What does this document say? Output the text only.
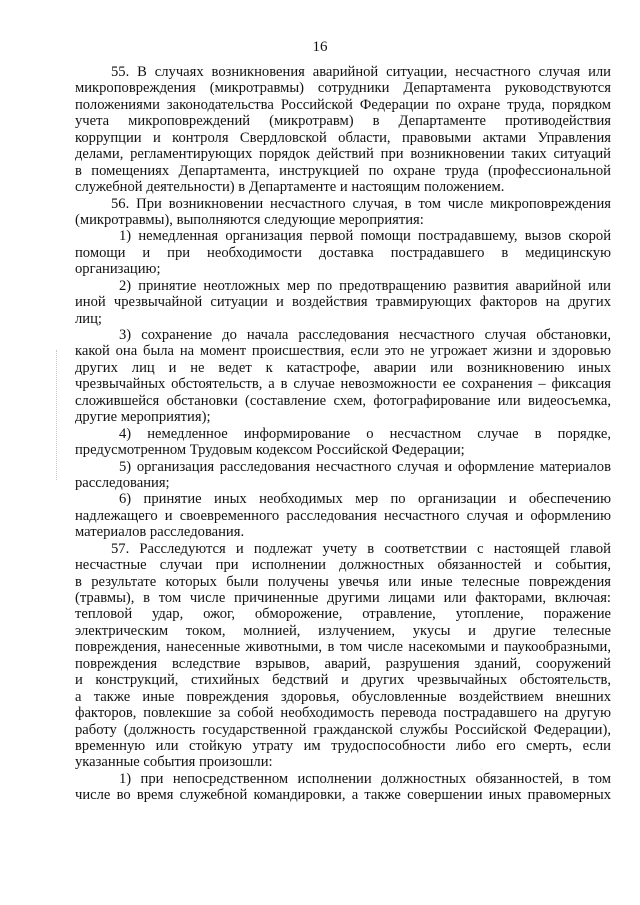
16
55. В случаях возникновения аварийной ситуации, несчастного случая или
микроповреждения (микротравмы) сотрудники Департамента руководствуются
положениями законодательства Российской Федерации по охране труда, порядком
учета микроповреждений (микротравм) в Департаменте противодействия
коррупции и контроля Свердловской области, правовыми актами Управления
делами, регламентирующих порядок действий при возникновении таких ситуаций
в помещениях Департамента, инструкцией по охране труда (профессиональной
служебной деятельности) в Департаменте и настоящим положением.
56. При возникновении несчастного случая, в том числе микроповреждения
(микротравмы), выполняются следующие мероприятия:
1) немедленная организация первой помощи пострадавшему, вызов скорой
помощи и при необходимости доставка пострадавшего в медицинскую
организацию;
2) принятие неотложных мер по предотвращению развития аварийной или
иной чрезвычайной ситуации и воздействия травмирующих факторов на других
лиц;
3) сохранение до начала расследования несчастного случая обстановки,
какой она была на момент происшествия, если это не угрожает жизни и здоровью
других лиц и не ведет к катастрофе, аварии или возникновению иных
чрезвычайных обстоятельств, а в случае невозможности ее сохранения – фиксация
сложившейся обстановки (составление схем, фотографирование или видеосъемка,
другие мероприятия);
4) немедленное информирование о несчастном случае в порядке,
предусмотренном Трудовым кодексом Российской Федерации;
5) организация расследования несчастного случая и оформление материалов
расследования;
6) принятие иных необходимых мер по организации и обеспечению
надлежащего и своевременного расследования несчастного случая и оформлению
материалов расследования.
57. Расследуются и подлежат учету в соответствии с настоящей главой
несчастные случаи при исполнении должностных обязанностей и события,
в результате которых были получены увечья или иные телесные повреждения
(травмы), в том числе причиненные другими лицами или факторами, включая:
тепловой удар, ожог, обморожение, отравление, утопление, поражение
электрическим током, молнией, излучением, укусы и другие телесные
повреждения, нанесенные животными, в том числе насекомыми и паукообразными,
повреждения вследствие взрывов, аварий, разрушения зданий, сооружений
и конструкций, стихийных бедствий и других чрезвычайных обстоятельств,
а также иные повреждения здоровья, обусловленные воздействием внешних
факторов, повлекшие за собой необходимость перевода пострадавшего на другую
работу (должность государственной гражданской службы Российской Федерации),
временную или стойкую утрату им трудоспособности либо его смерть, если
указанные события произошли:
1) при непосредственном исполнении должностных обязанностей, в том
числе во время служебной командировки, а также совершении иных правомерных
